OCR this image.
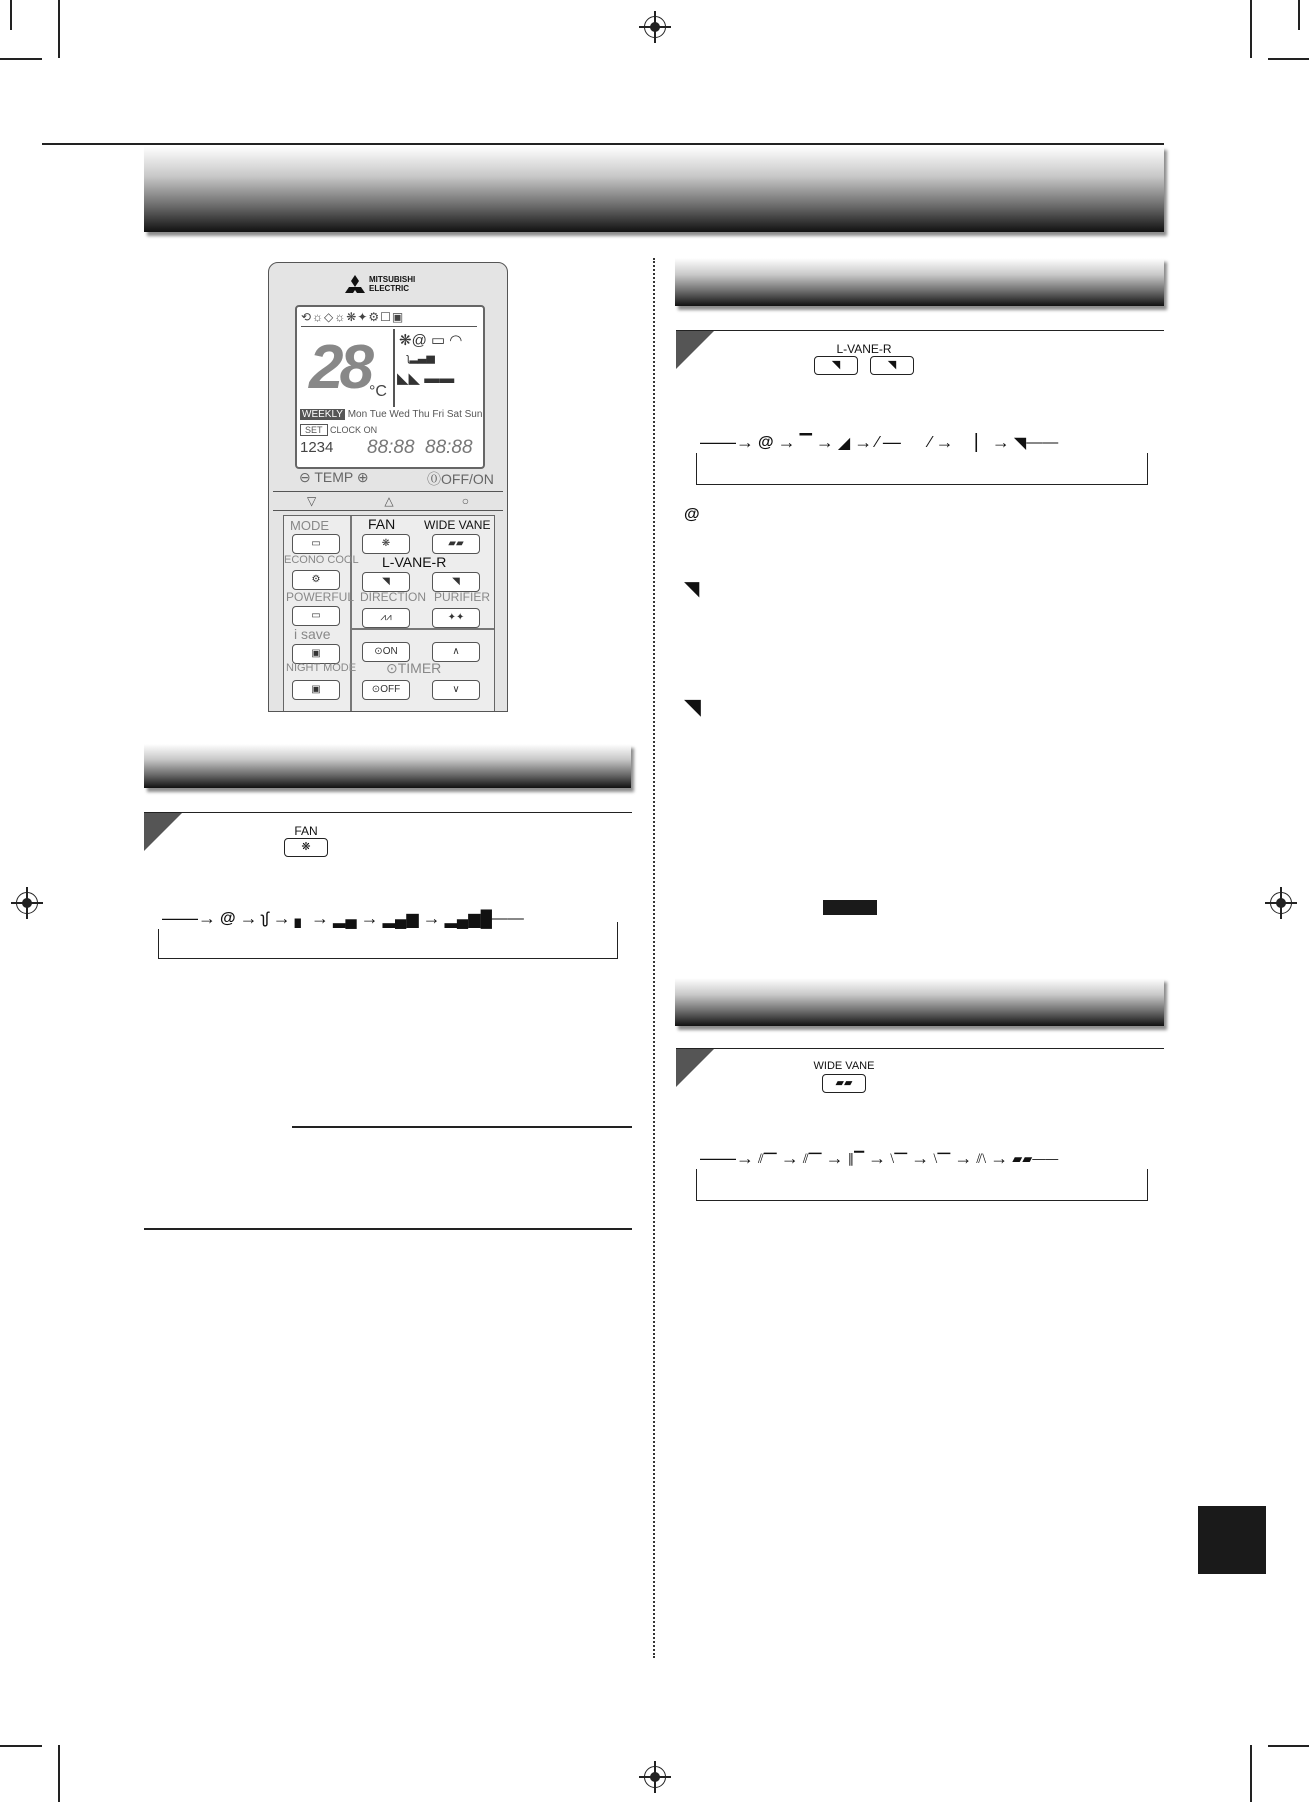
MITSUBISHI ELECTRIC
⟲☼◇☼❋✦⚙☐▣
28 °C
❋@ ▭ ◠
ʅ▂▃▅
◣◣ ▬▬
WEEKLY Mon Tue Wed Thu Fri Sat Sun
SET CLOCK ON
1234 88:88 88:88
⊖ TEMP ⊕	⓪OFF/ON
▽	△	○
MODE
▭
FAN
❋
WIDE VANE
▰▰
ECONO COOL
⚙
L-VANE-R
◥	◥
POWERFUL
▭
DIRECTION
⩘⩘
PURIFIER
✦✦
i save
▣	⊙ON	∧
NIGHT MODE ⊙TIMER
▣	⊙OFF	∨
FAN
❋
——→ @ → ʅʃ → ▖ → ▂▄ → ▂▄▆ → ▂▄▆█ ——
L-VANE-R
◥	◥
——→ @ → ▔ → ◢ → ⁄ — ⁄ → ▏ → ◥ ——
@
◥
◥
WIDE VANE
▰▰
——→ ⫽▔ → ⫽▔ → ∥▔ → ⧵▔ → ⧵▔ → ⫽⧵ → ▰▰ ——
